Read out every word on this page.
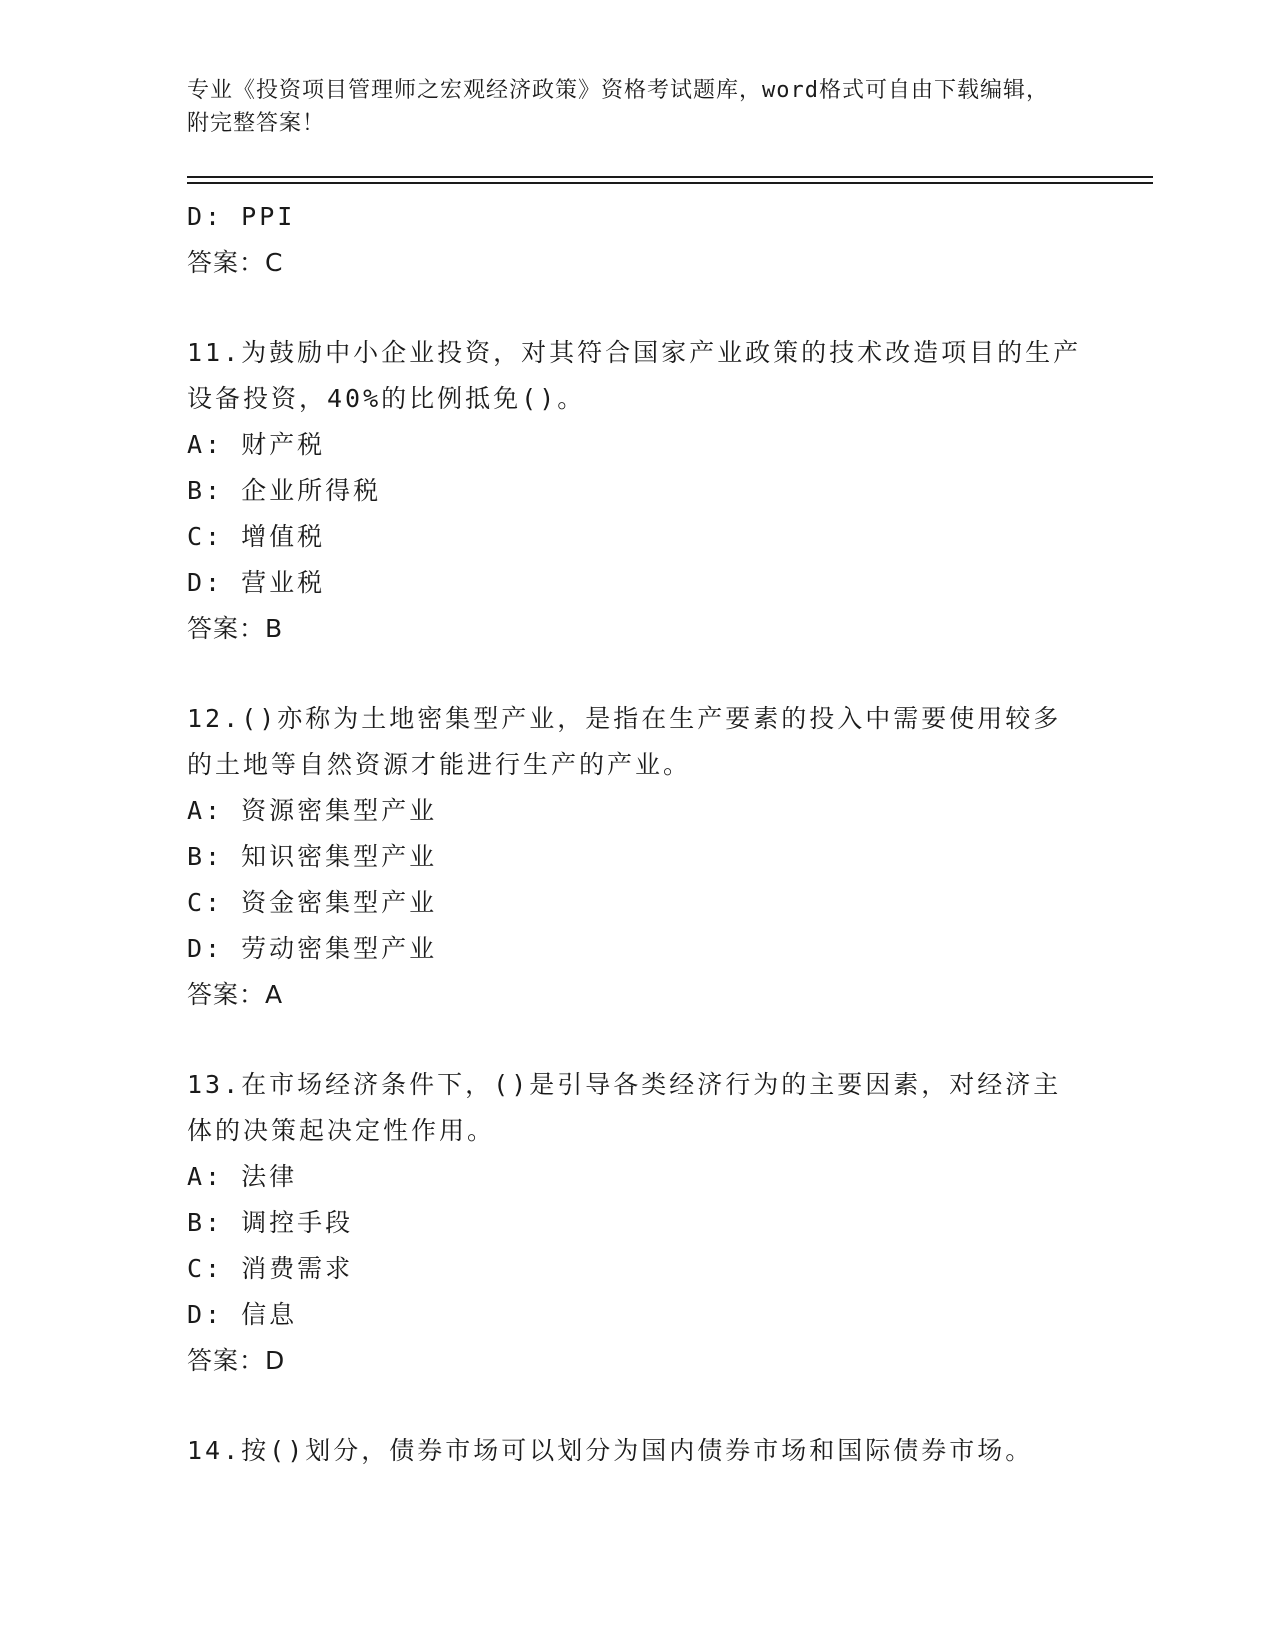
专业《投资项目管理师之宏观经济政策》资格考试题库，word格式可自由下载编辑，附完整答案！
D: PPI
答案：C
11.为鼓励中小企业投资，对其符合国家产业政策的技术改造项目的生产设备投资，40%的比例抵免()。
A: 财产税
B: 企业所得税
C: 增值税
D: 营业税
答案：B
12.()亦称为土地密集型产业，是指在生产要素的投入中需要使用较多的土地等自然资源才能进行生产的产业。
A: 资源密集型产业
B: 知识密集型产业
C: 资金密集型产业
D: 劳动密集型产业
答案：A
13.在市场经济条件下，()是引导各类经济行为的主要因素，对经济主体的决策起决定性作用。
A: 法律
B: 调控手段
C: 消费需求
D: 信息
答案：D
14.按()划分，债券市场可以划分为国内债券市场和国际债券市场。
